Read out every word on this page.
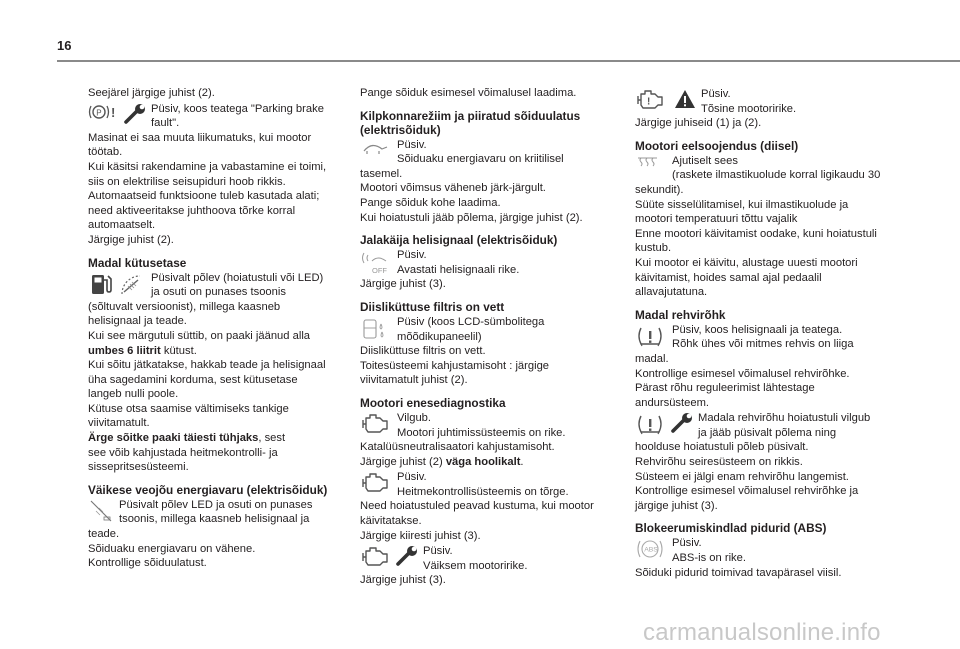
16

Seejärel järgige juhist (2).

P !	Püsiv, koos teatega "Parking brake
fault".
Masinat ei saa muuta liikumatuks, kui mootor
töötab.
Kui käsitsi rakendamine ja vabastamine ei toimi,
siis on elektrilise seisupiduri hoob rikkis.
Automaatseid funktsioone tuleb kasutada alati;
need aktiveeritakse juhthoova tõrke korral
automaatselt.
Järgige juhist (2).
Madal kütusetase
Püsivalt põlev (hoiatustuli või LED)
ja osuti on punases tsoonis
(sõltuvalt versioonist), millega kaasneb
helisignaal ja teade.
Kui see märgutuli süttib, on paaki jäänud alla
umbes 6 liitrit kütust.
Kui sõitu jätkatakse, hakkab teade ja helisignaal
üha sagedamini korduma, sest kütusetase
langeb nulli poole.
Kütuse otsa saamise vältimiseks tankige
viivitamatult.
Ärge sõitke paaki täiesti tühjaks, sest
see võib kahjustada heitmekontrolli- ja
sissepritsesüsteemi.
Väikese veojõu energiavaru (elektrisõiduk)
Püsivalt põlev LED ja osuti on punases
tsoonis, millega kaasneb helisignaal ja
teade.
Sõiduaku energiavaru on vähene.
Kontrollige sõiduulatust.

Pange sõiduk esimesel võimalusel laadima.

Kilpkonnarežiim ja piiratud sõiduulatus (elektrisõiduk)
Püsiv.
Sõiduaku energiavaru on kriitilisel
tasemel.
Mootori võimsus väheneb järk-järgult.
Pange sõiduk kohe laadima.
Kui hoiatustuli jääb põlema, järgige juhist (2).
Jalakäija helisignaal (elektrisõiduk)
OFF
Püsiv.
Avastati helisignaali rike.
Järgige juhist (3).
Diisliküttuse filtris on vett
Püsiv (koos LCD-sümbolitega
mõõdikupaneelil)
Diisliküttuse filtris on vett.
Toitesüsteemi kahjustamisoht : järgige
viivitamatult juhist (2).
Mootori enesediagnostika
Vilgub.
Mootori juhtimissüsteemis on rike.
Katalüüsneutralisaatori kahjustamisoht.
Järgige juhist (2) väga hoolikalt.
Püsiv.
Heitmekontrollisüsteemis on tõrge.
Need hoiatustuled peavad kustuma, kui mootor
käivitatakse.
Järgige kiiresti juhist (3).
Püsiv.
Väiksem mootoririke.
Järgige juhist (3).
!
Püsiv.
Tõsine mootoririke.
Järgige juhiseid (1) ja (2).
Mootori eelsoojendus (diisel)
Ajutiselt sees
(raskete ilmastikuolude korral ligikaudu 30
sekundit).
Süüte sisselülitamisel, kui ilmastikuolude ja
mootori temperatuuri tõttu vajalik
Enne mootori käivitamist oodake, kuni hoiatustuli
kustub.
Kui mootor ei käivitu, alustage uuesti mootori
käivitamist, hoides samal ajal pedaalil
allavajutatuna.
Madal rehvirõhk
Püsiv, koos helisignaali ja teatega.
Rõhk ühes või mitmes rehvis on liiga
madal.
Kontrollige esimesel võimalusel rehvirõhke.
Pärast rõhu reguleerimist lähtestage
andursüsteem.
Madala rehvirõhu hoiatustuli vilgub
ja jääb püsivalt põlema ning
hoolduse hoiatustuli põleb püsivalt.
Rehvirõhu seiresüsteem on rikkis.
Süsteem ei jälgi enam rehvirõhu langemist.
Kontrollige esimesel võimalusel rehvirõhke ja
järgige juhist (3).
Blokeerumiskindlad pidurid (ABS)
ABS
Püsiv.
ABS-is on rike.
Sõiduki pidurid toimivad tavapärasel viisil.
carmanualsonline.info
